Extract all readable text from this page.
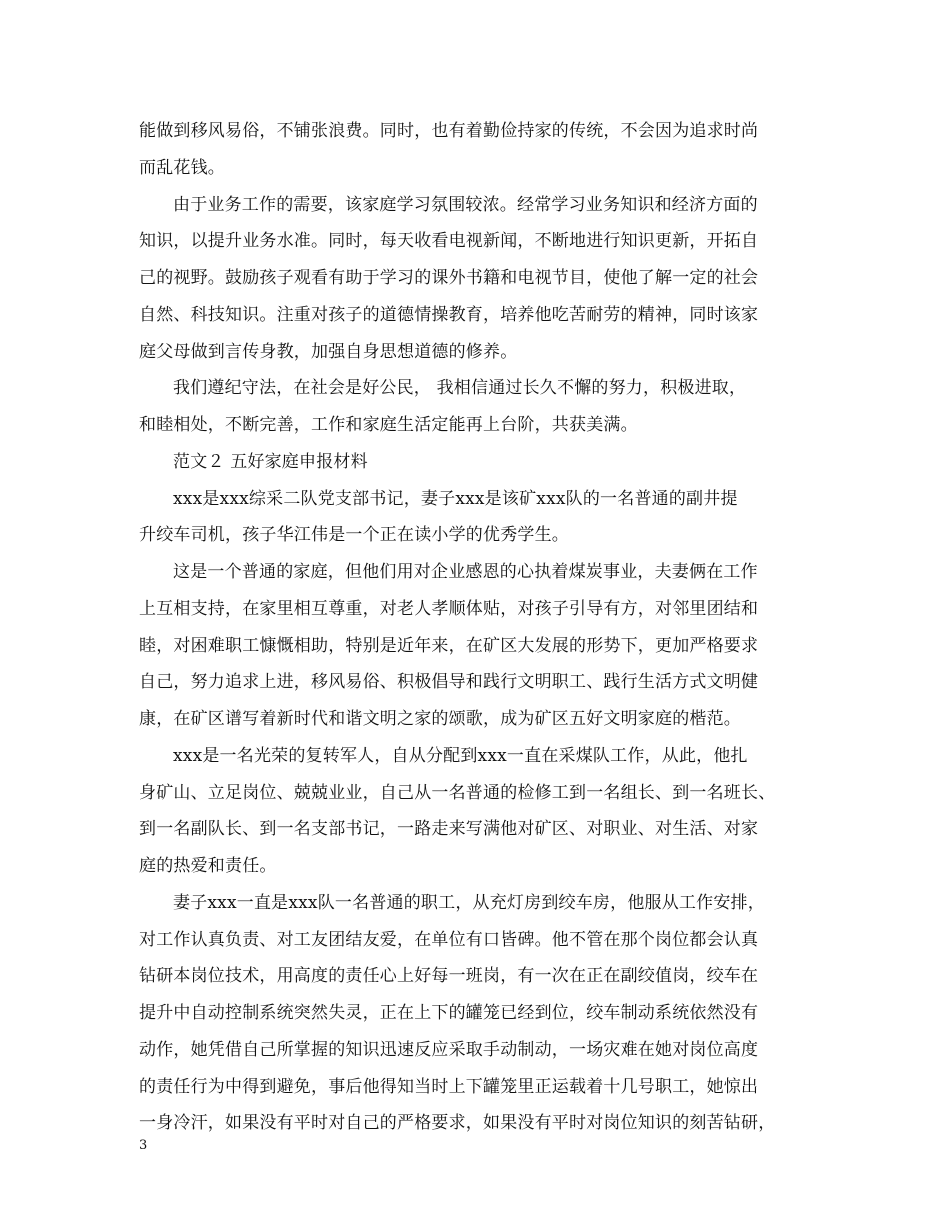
能做到移风易俗，不铺张浪费。同时，也有着勤俭持家的传统，不会因为追求时尚
而乱花钱。
由于业务工作的需要，该家庭学习氛围较浓。经常学习业务知识和经济方面的
知识，以提升业务水准。同时，每天收看电视新闻，不断地进行知识更新，开拓自
己的视野。鼓励孩子观看有助于学习的课外书籍和电视节目，使他了解一定的社会
自然、科技知识。注重对孩子的道德情操教育，培养他吃苦耐劳的精神，同时该家
庭父母做到言传身教，加强自身思想道德的修养。
我们遵纪守法，在社会是好公民， 我相信通过长久不懈的努力，积极进取，
和睦相处，不断完善，工作和家庭生活定能再上台阶，共获美满。
范文２ 五好家庭申报材料
xxx是xxx综采二队党支部书记，妻子xxx是该矿xxx队的一名普通的副井提
升绞车司机，孩子华江伟是一个正在读小学的优秀学生。
这是一个普通的家庭，但他们用对企业感恩的心执着煤炭事业，夫妻俩在工作
上互相支持，在家里相互尊重，对老人孝顺体贴，对孩子引导有方，对邻里团结和
睦，对困难职工慷慨相助，特别是近年来，在矿区大发展的形势下，更加严格要求
自己，努力追求上进，移风易俗、积极倡导和践行文明职工、践行生活方式文明健
康，在矿区谱写着新时代和谐文明之家的颂歌，成为矿区五好文明家庭的楷范。
xxx是一名光荣的复转军人，自从分配到xxx一直在采煤队工作，从此，他扎
身矿山、立足岗位、兢兢业业，自己从一名普通的检修工到一名组长、到一名班长、
到一名副队长、到一名支部书记，一路走来写满他对矿区、对职业、对生活、对家
庭的热爱和责任。
妻子xxx一直是xxx队一名普通的职工，从充灯房到绞车房，他服从工作安排，
对工作认真负责、对工友团结友爱，在单位有口皆碑。他不管在那个岗位都会认真
钻研本岗位技术，用高度的责任心上好每一班岗，有一次在正在副绞值岗，绞车在
提升中自动控制系统突然失灵，正在上下的罐笼已经到位，绞车制动系统依然没有
动作，她凭借自己所掌握的知识迅速反应采取手动制动，一场灾难在她对岗位高度
的责任行为中得到避免，事后他得知当时上下罐笼里正运载着十几号职工，她惊出
一身冷汗，如果没有平时对自己的严格要求，如果没有平时对岗位知识的刻苦钻研，
3
